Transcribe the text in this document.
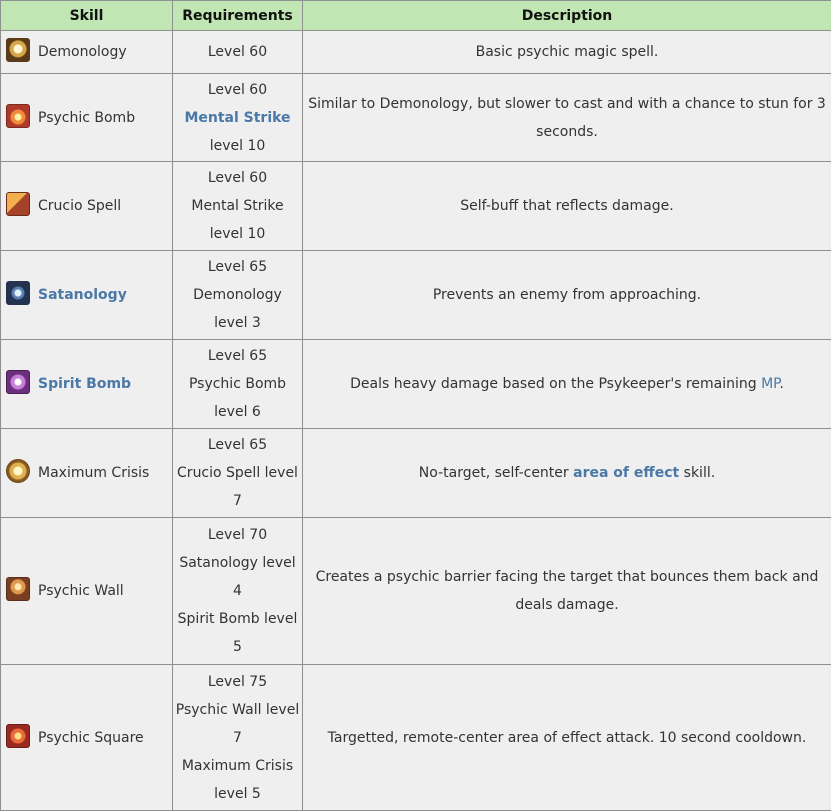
Skill	Requirements	Description
Demonology	Level 60	Basic psychic magic spell.
Psychic Bomb	Level 60
Mental Strike
level 10	Similar to Demonology, but slower to cast and with a chance to stun for 3 seconds.
Crucio Spell	Level 60
Mental Strike
level 10	Self-buff that reflects damage.
Satanology	Level 65
Demonology
level 3	Prevents an enemy from approaching.
Spirit Bomb	Level 65
Psychic Bomb
level 6	Deals heavy damage based on the Psykeeper's remaining MP.
Maximum Crisis	Level 65
Crucio Spell level
7	No-target, self-center area of effect skill.
Psychic Wall	Level 70
Satanology level
4
Spirit Bomb level
5	Creates a psychic barrier facing the target that bounces them back and deals damage.
Psychic Square	Level 75
Psychic Wall level
7
Maximum Crisis
level 5	Targetted, remote-center area of effect attack. 10 second cooldown.
